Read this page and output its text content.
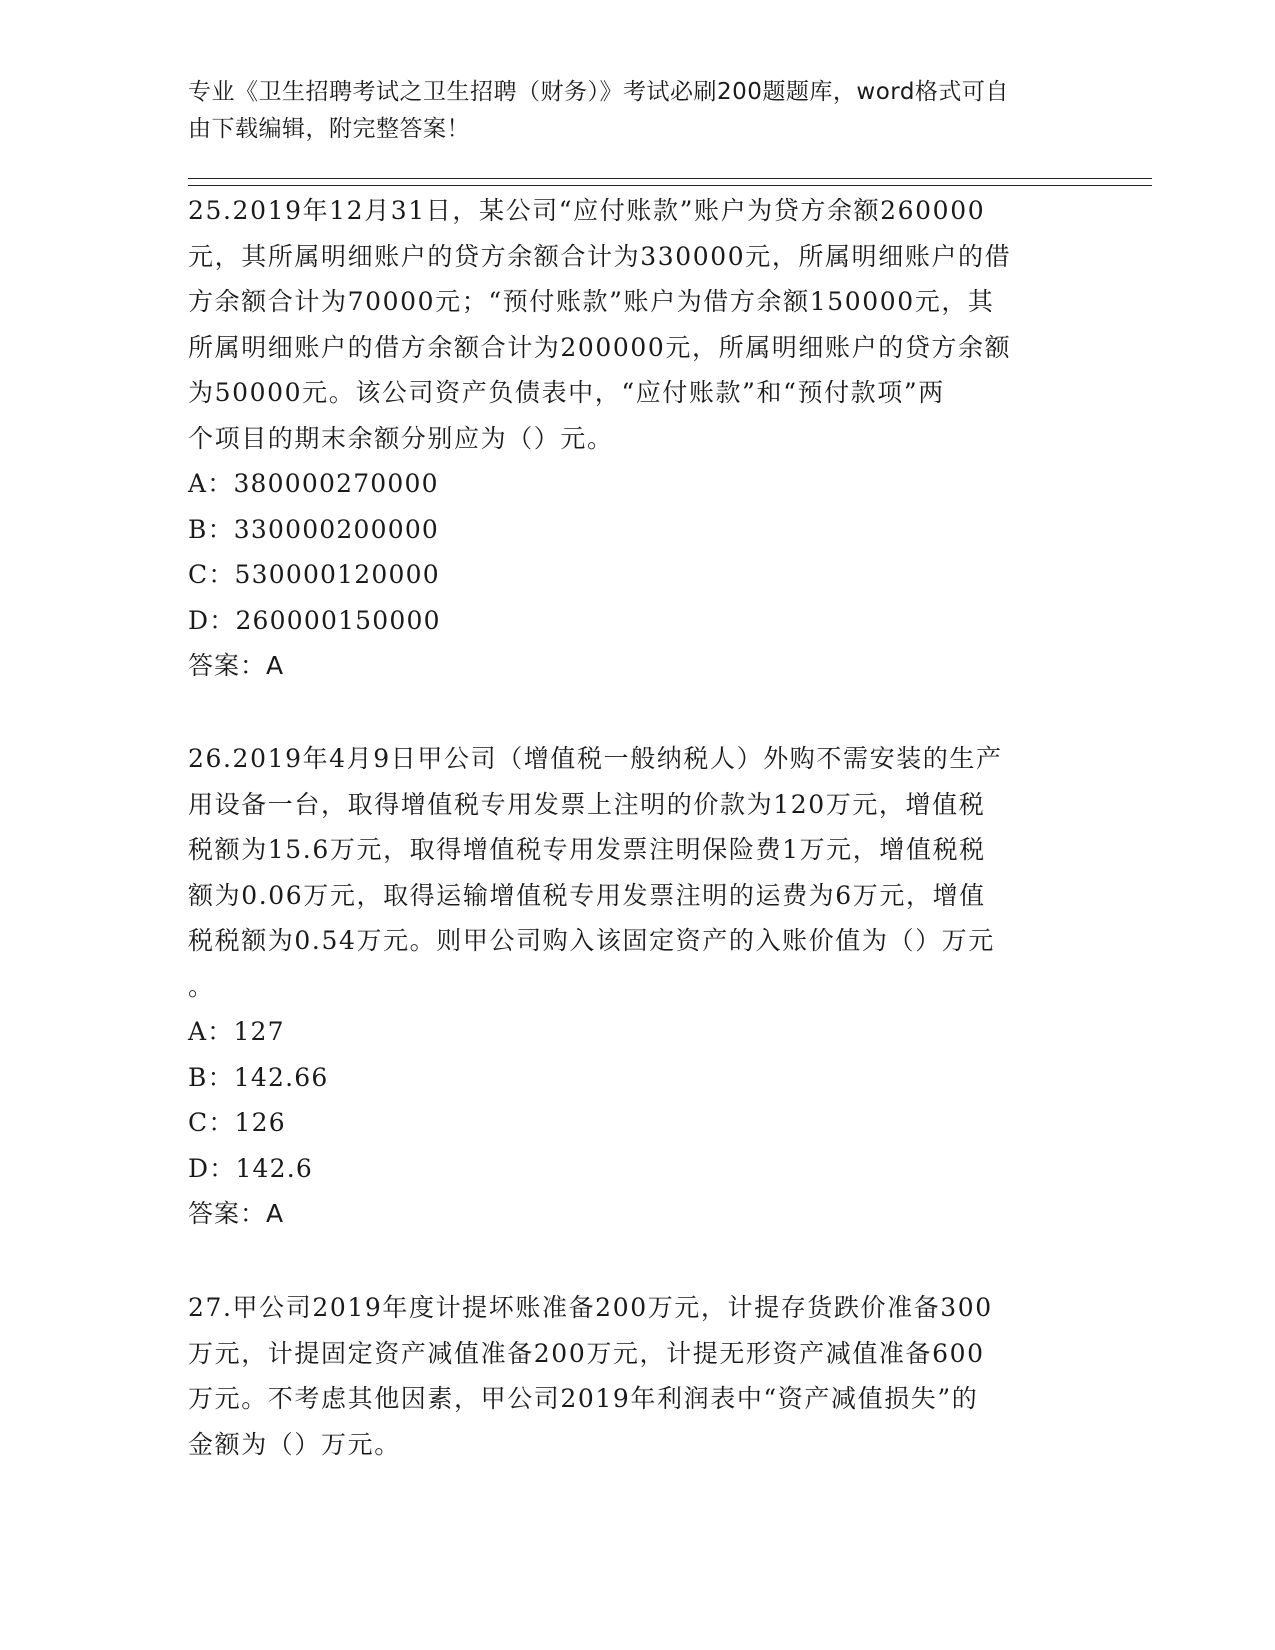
专业《卫生招聘考试之卫生招聘（财务）》考试必刷200题题库，word格式可自
由下载编辑，附完整答案！

25.2019年12月31日，某公司“应付账款”账户为贷方余额260000

元，其所属明细账户的贷方余额合计为330000元，所属明细账户的借

方余额合计为70000元；“预付账款”账户为借方余额150000元，其

所属明细账户的借方余额合计为200000元，所属明细账户的贷方余额

为50000元。该公司资产负债表中，“应付账款”和“预付款项”两

个项目的期末余额分别应为（）元。

A：380000270000

B：330000200000

C：530000120000

D：260000150000

答案：A

26.2019年4月9日甲公司（增值税一般纳税人）外购不需安装的生产

用设备一台，取得增值税专用发票上注明的价款为120万元，增值税

税额为15.6万元，取得增值税专用发票注明保险费1万元，增值税税

额为0.06万元，取得运输增值税专用发票注明的运费为6万元，增值

税税额为0.54万元。则甲公司购入该固定资产的入账价值为（）万元

。

A：127

B：142.66

C：126

D：142.6

答案：A

27.甲公司2019年度计提坏账准备200万元，计提存货跌价准备300

万元，计提固定资产减值准备200万元，计提无形资产减值准备600

万元。不考虑其他因素，甲公司2019年利润表中“资产减值损失”的

金额为（）万元。
